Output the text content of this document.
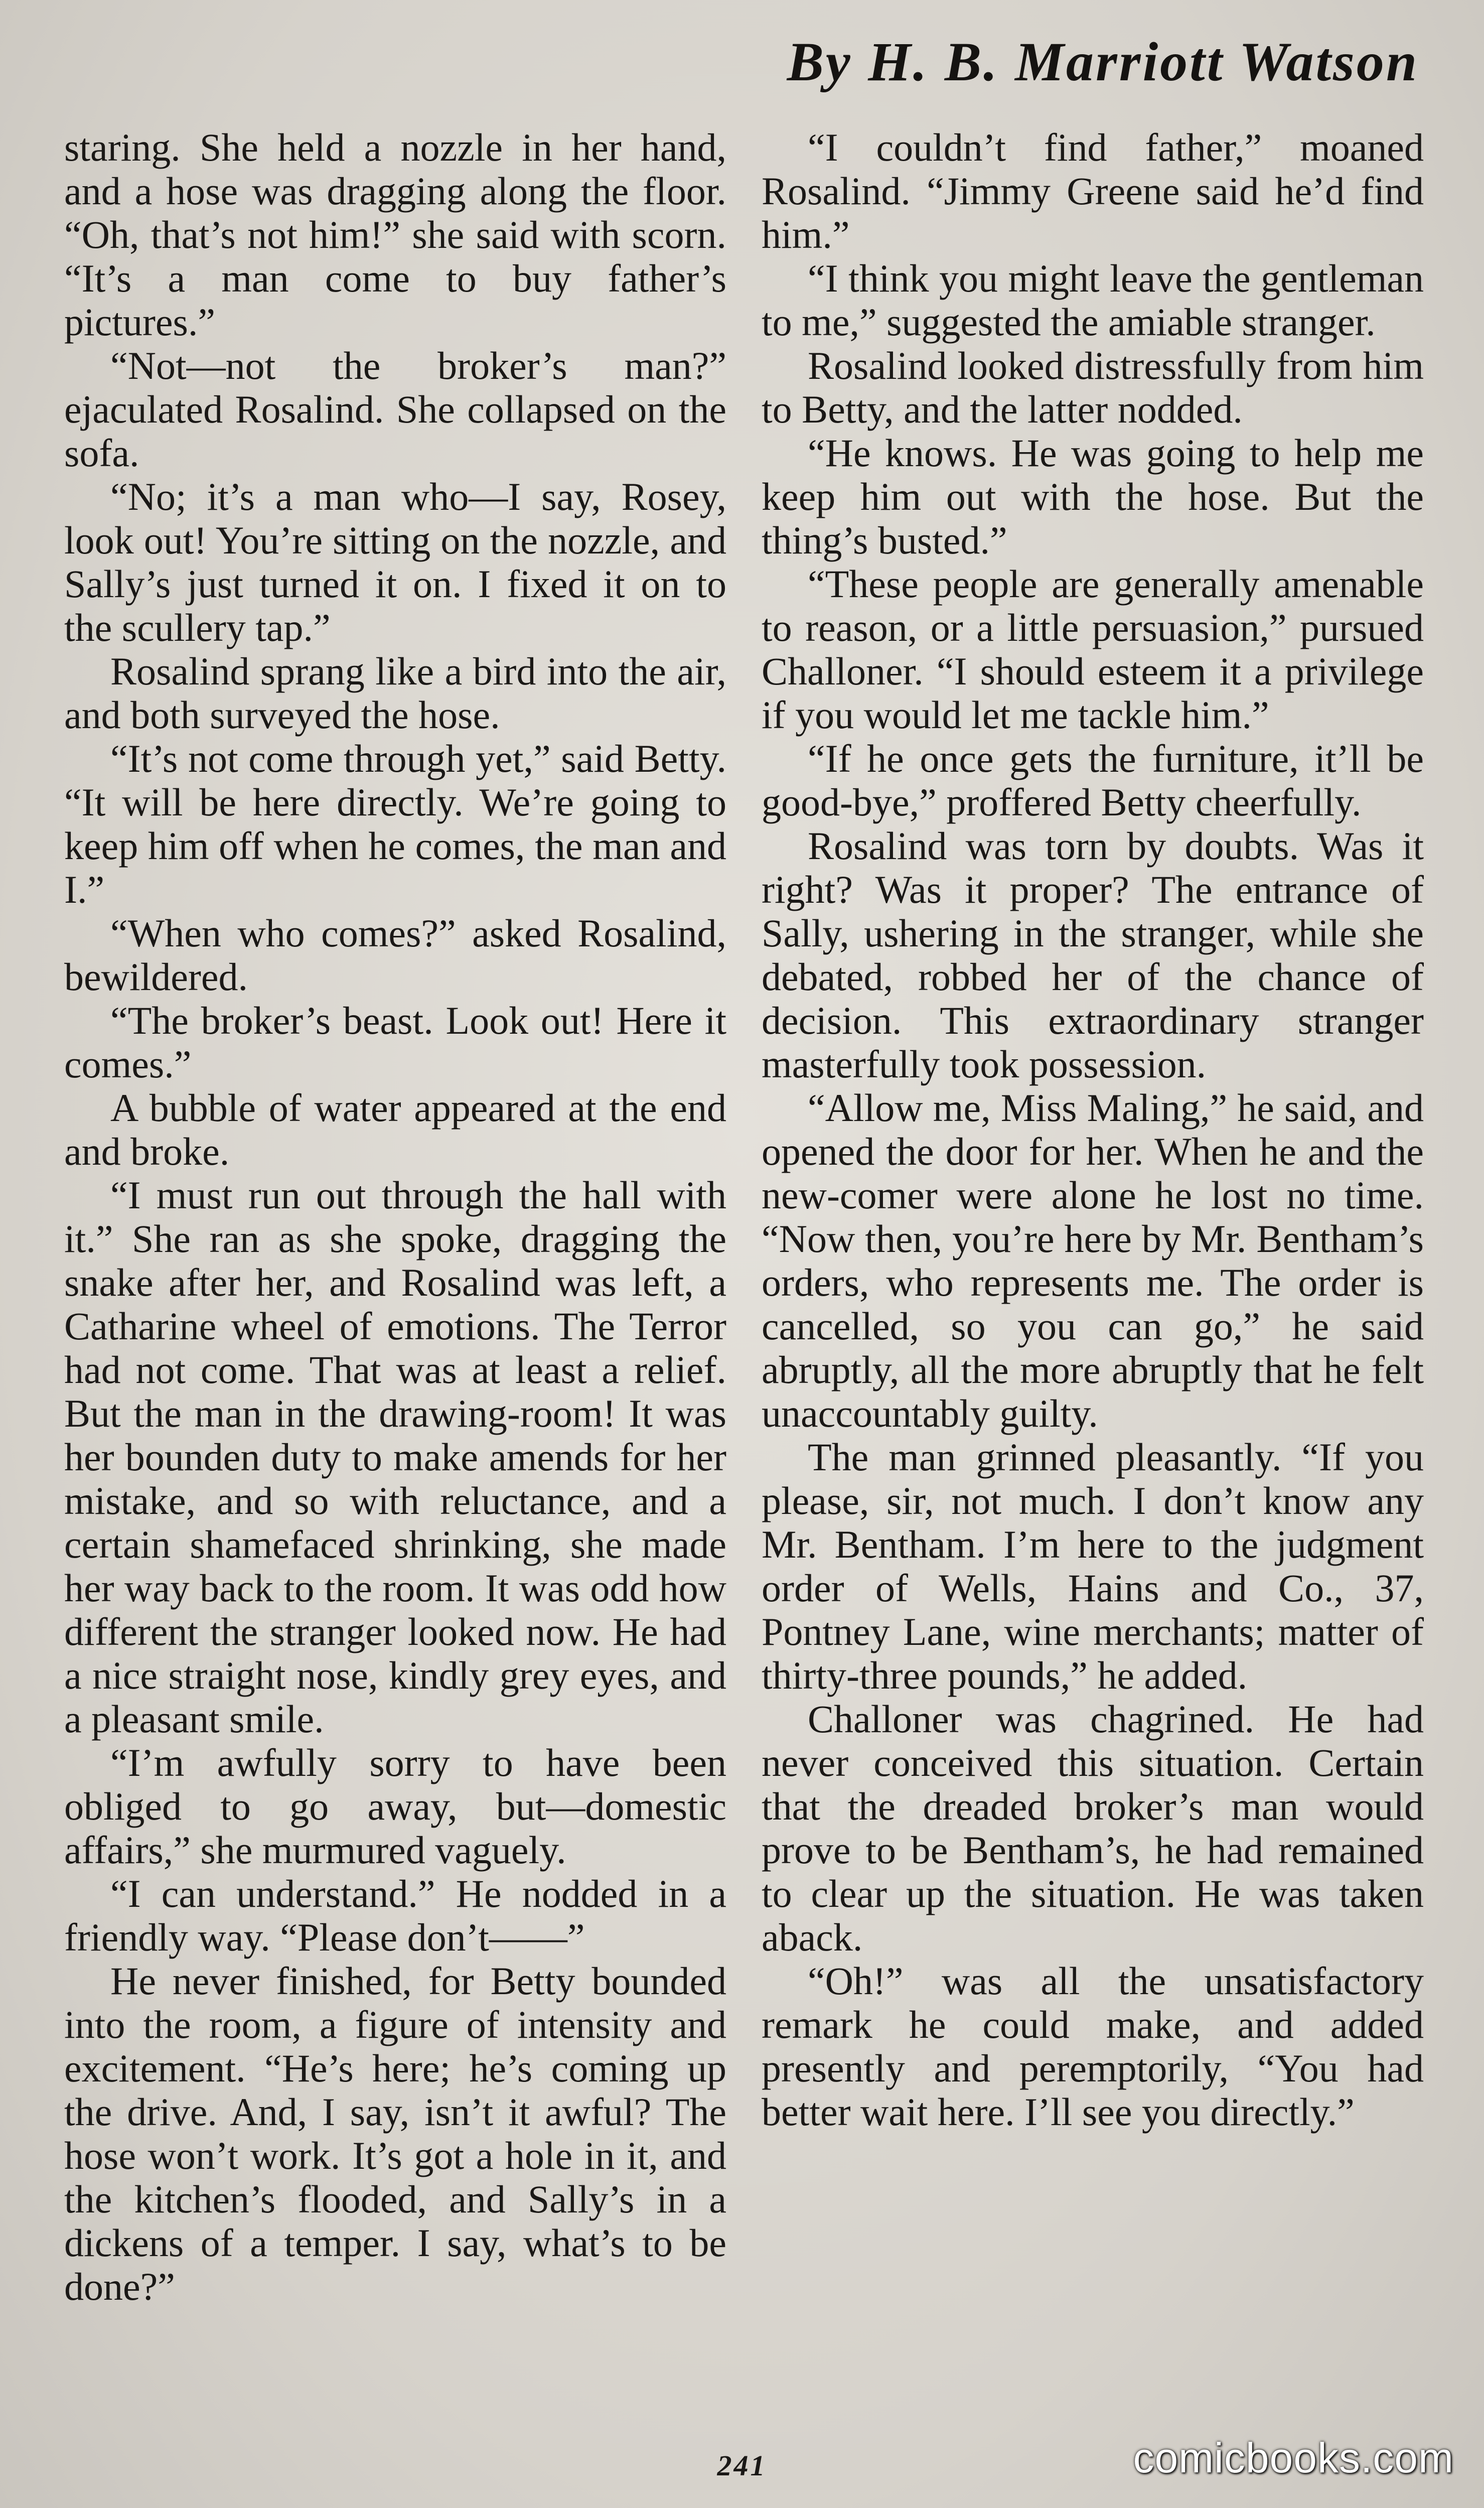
By H. B. Marriott Watson

staring. She held a nozzle in her hand, and a hose was dragging along the floor. “Oh, that’s not him!” she said with scorn. “It’s a man come to buy father’s pictures.”

“Not—not the broker’s man?” ejaculated Rosalind. She collapsed on the sofa.

“No; it’s a man who—I say, Rosey, look out! You’re sitting on the nozzle, and Sally’s just turned it on. I fixed it on to the scullery tap.”

Rosalind sprang like a bird into the air, and both surveyed the hose.

“It’s not come through yet,” said Betty. “It will be here directly. We’re going to keep him off when he comes, the man and I.”

“When who comes?” asked Rosalind, bewildered.

“The broker’s beast. Look out! Here it comes.”

A bubble of water appeared at the end and broke.

“I must run out through the hall with it.” She ran as she spoke, dragging the snake after her, and Rosalind was left, a Catharine wheel of emotions. The Terror had not come. That was at least a relief. But the man in the drawing-room! It was her bounden duty to make amends for her mistake, and so with reluctance, and a certain shamefaced shrinking, she made her way back to the room. It was odd how different the stranger looked now. He had a nice straight nose, kindly grey eyes, and a pleasant smile.

“I’m awfully sorry to have been obliged to go away, but—domestic affairs,” she murmured vaguely.

“I can understand.” He nodded in a friendly way. “Please don’t——”

He never finished, for Betty bounded into the room, a figure of intensity and excitement. “He’s here; he’s coming up the drive. And, I say, isn’t it awful? The hose won’t work. It’s got a hole in it, and the kitchen’s flooded, and Sally’s in a dickens of a temper. I say, what’s to be done?”

“I couldn’t find father,” moaned Rosalind. “Jimmy Greene said he’d find him.”

“I think you might leave the gentleman to me,” suggested the amiable stranger.

Rosalind looked distressfully from him to Betty, and the latter nodded.

“He knows. He was going to help me keep him out with the hose. But the thing’s busted.”

“These people are generally amenable to reason, or a little persuasion,” pursued Challoner. “I should esteem it a privilege if you would let me tackle him.”

“If he once gets the furniture, it’ll be good-bye,” proffered Betty cheerfully.

Rosalind was torn by doubts. Was it right? Was it proper? The entrance of Sally, ushering in the stranger, while she debated, robbed her of the chance of decision. This extraordinary stranger masterfully took possession.

“Allow me, Miss Maling,” he said, and opened the door for her. When he and the new-comer were alone he lost no time. “Now then, you’re here by Mr. Bentham’s orders, who represents me. The order is cancelled, so you can go,” he said abruptly, all the more abruptly that he felt unaccountably guilty.

The man grinned pleasantly. “If you please, sir, not much. I don’t know any Mr. Bentham. I’m here to the judgment order of Wells, Hains and Co., 37, Pontney Lane, wine merchants; matter of thirty-three pounds,” he added.

Challoner was chagrined. He had never conceived this situation. Certain that the dreaded broker’s man would prove to be Bentham’s, he had remained to clear up the situation. He was taken aback.

“Oh!” was all the unsatisfactory remark he could make, and added presently and peremptorily, “You had better wait here. I’ll see you directly.”

241	comicbooks.com
